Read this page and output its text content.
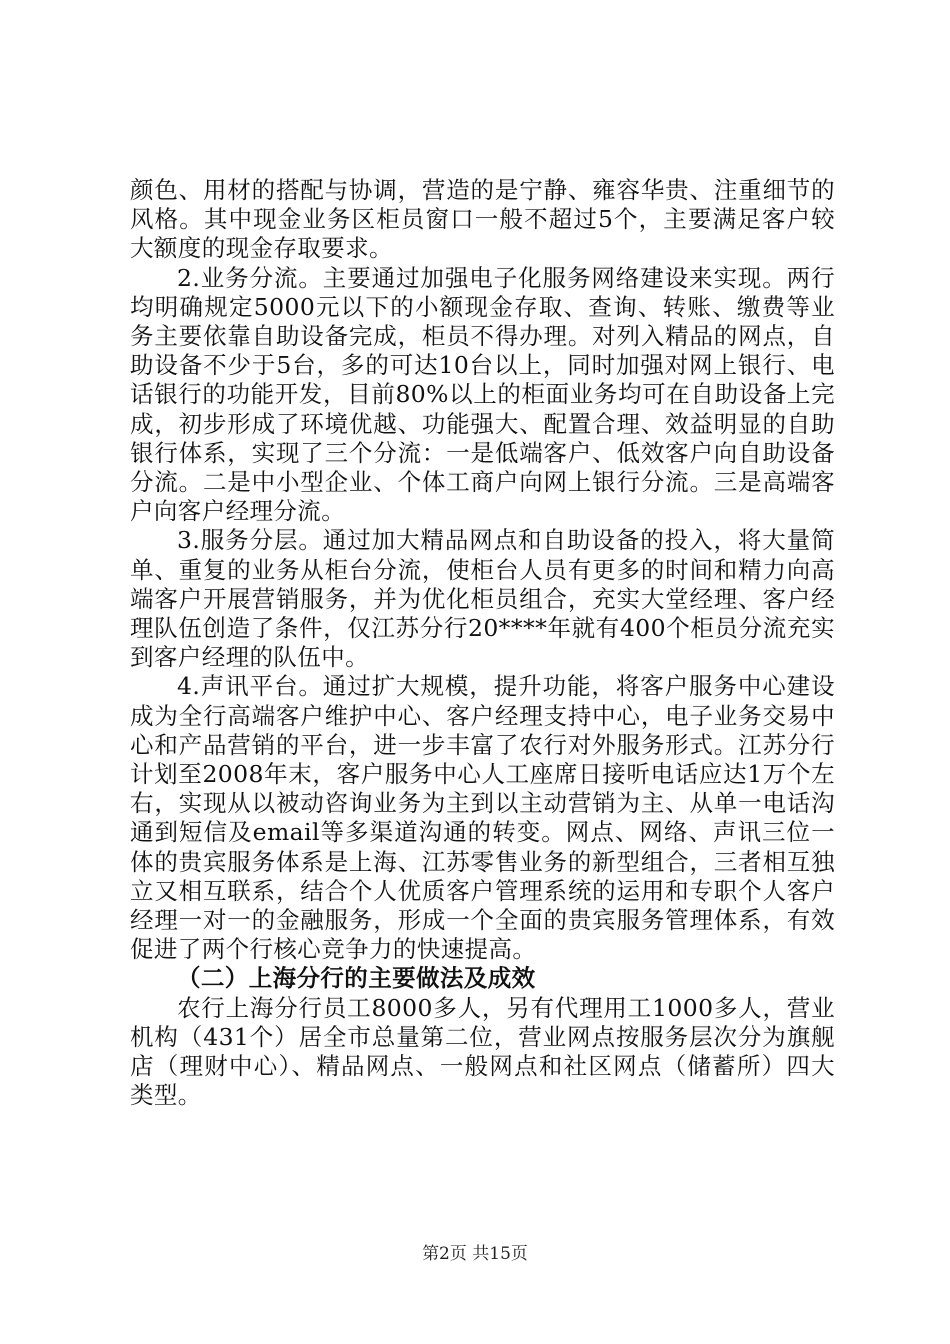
颜色、用材的搭配与协调，营造的是宁静、雍容华贵、注重细节的风格。其中现金业务区柜员窗口一般不超过5个，主要满足客户较大额度的现金存取要求。

2.业务分流。主要通过加强电子化服务网络建设来实现。两行均明确规定5000元以下的小额现金存取、查询、转账、缴费等业务主要依靠自助设备完成，柜员不得办理。对列入精品的网点，自助设备不少于5台，多的可达10台以上，同时加强对网上银行、电话银行的功能开发，目前80%以上的柜面业务均可在自助设备上完成，初步形成了环境优越、功能强大、配置合理、效益明显的自助银行体系，实现了三个分流：一是低端客户、低效客户向自助设备分流。二是中小型企业、个体工商户向网上银行分流。三是高端客户向客户经理分流。

3.服务分层。通过加大精品网点和自助设备的投入，将大量简单、重复的业务从柜台分流，使柜台人员有更多的时间和精力向高端客户开展营销服务，并为优化柜员组合，充实大堂经理、客户经理队伍创造了条件，仅江苏分行20****年就有400个柜员分流充实到客户经理的队伍中。

4.声讯平台。通过扩大规模，提升功能，将客户服务中心建设成为全行高端客户维护中心、客户经理支持中心，电子业务交易中心和产品营销的平台，进一步丰富了农行对外服务形式。江苏分行计划至2008年末，客户服务中心人工座席日接听电话应达1万个左右，实现从以被动咨询业务为主到以主动营销为主、从单一电话沟通到短信及email等多渠道沟通的转变。网点、网络、声讯三位一体的贵宾服务体系是上海、江苏零售业务的新型组合，三者相互独立又相互联系，结合个人优质客户管理系统的运用和专职个人客户经理一对一的金融服务，形成一个全面的贵宾服务管理体系，有效促进了两个行核心竞争力的快速提高。

（二）上海分行的主要做法及成效

农行上海分行员工8000多人，另有代理用工1000多人，营业机构（431个）居全市总量第二位，营业网点按服务层次分为旗舰店（理财中心）、精品网点、一般网点和社区网点（储蓄所）四大类型。

第2页 共15页
